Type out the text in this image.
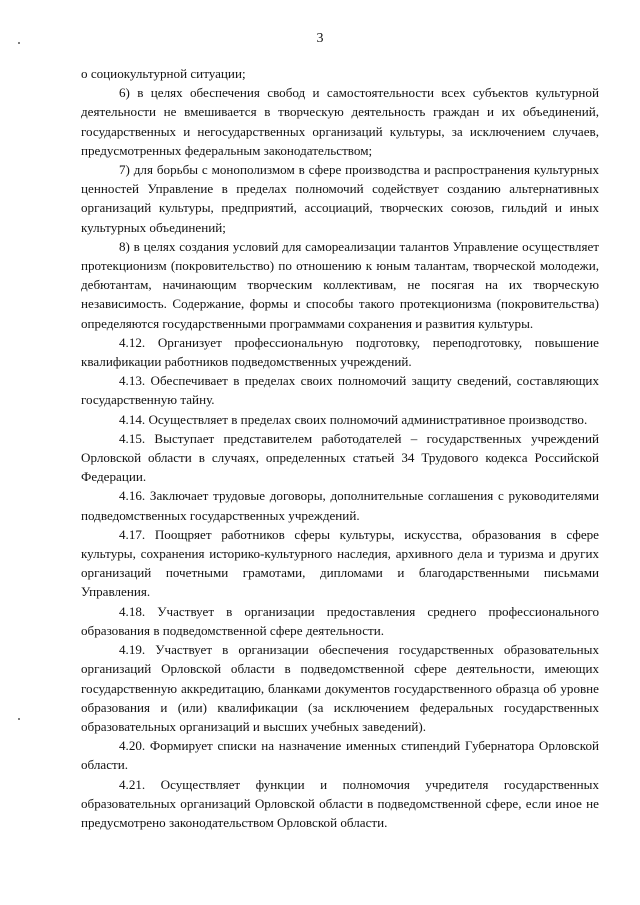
3

о социокультурной ситуации;

6) в целях обеспечения свобод и самостоятельности всех субъектов культурной деятельности не вмешивается в творческую деятельность граждан и их объединений, государственных и негосударственных организаций культуры, за исключением случаев, предусмотренных федеральным законодательством;

7) для борьбы с монополизмом в сфере производства и распространения культурных ценностей Управление в пределах полномочий содействует созданию альтернативных организаций культуры, предприятий, ассоциаций, творческих союзов, гильдий и иных культурных объединений;

8) в целях создания условий для самореализации талантов Управление осуществляет протекционизм (покровительство) по отношению к юным талантам, творческой молодежи, дебютантам, начинающим творческим коллективам, не посягая на их творческую независимость. Содержание, формы и способы такого протекционизма (покровительства) определяются государственными программами сохранения и развития культуры.

4.12. Организует профессиональную подготовку, переподготовку, повышение квалификации работников подведомственных учреждений.

4.13. Обеспечивает в пределах своих полномочий защиту сведений, составляющих государственную тайну.

4.14. Осуществляет в пределах своих полномочий административное производство.

4.15. Выступает представителем работодателей – государственных учреждений Орловской области в случаях, определенных статьей 34 Трудового кодекса Российской Федерации.

4.16. Заключает трудовые договоры, дополнительные соглашения с руководителями подведомственных государственных учреждений.

4.17. Поощряет работников сферы культуры, искусства, образования в сфере культуры, сохранения историко-культурного наследия, архивного дела и туризма и других организаций почетными грамотами, дипломами и благодарственными письмами Управления.

4.18. Участвует в организации предоставления среднего профессионального образования в подведомственной сфере деятельности.

4.19. Участвует в организации обеспечения государственных образовательных организаций Орловской области в подведомственной сфере деятельности, имеющих государственную аккредитацию, бланками документов государственного образца об уровне образования и (или) квалификации (за исключением федеральных государственных образовательных организаций и высших учебных заведений).

4.20. Формирует списки на назначение именных стипендий Губернатора Орловской области.

4.21. Осуществляет функции и полномочия учредителя государственных образовательных организаций Орловской области в подведомственной сфере, если иное не предусмотрено законодательством Орловской области.
